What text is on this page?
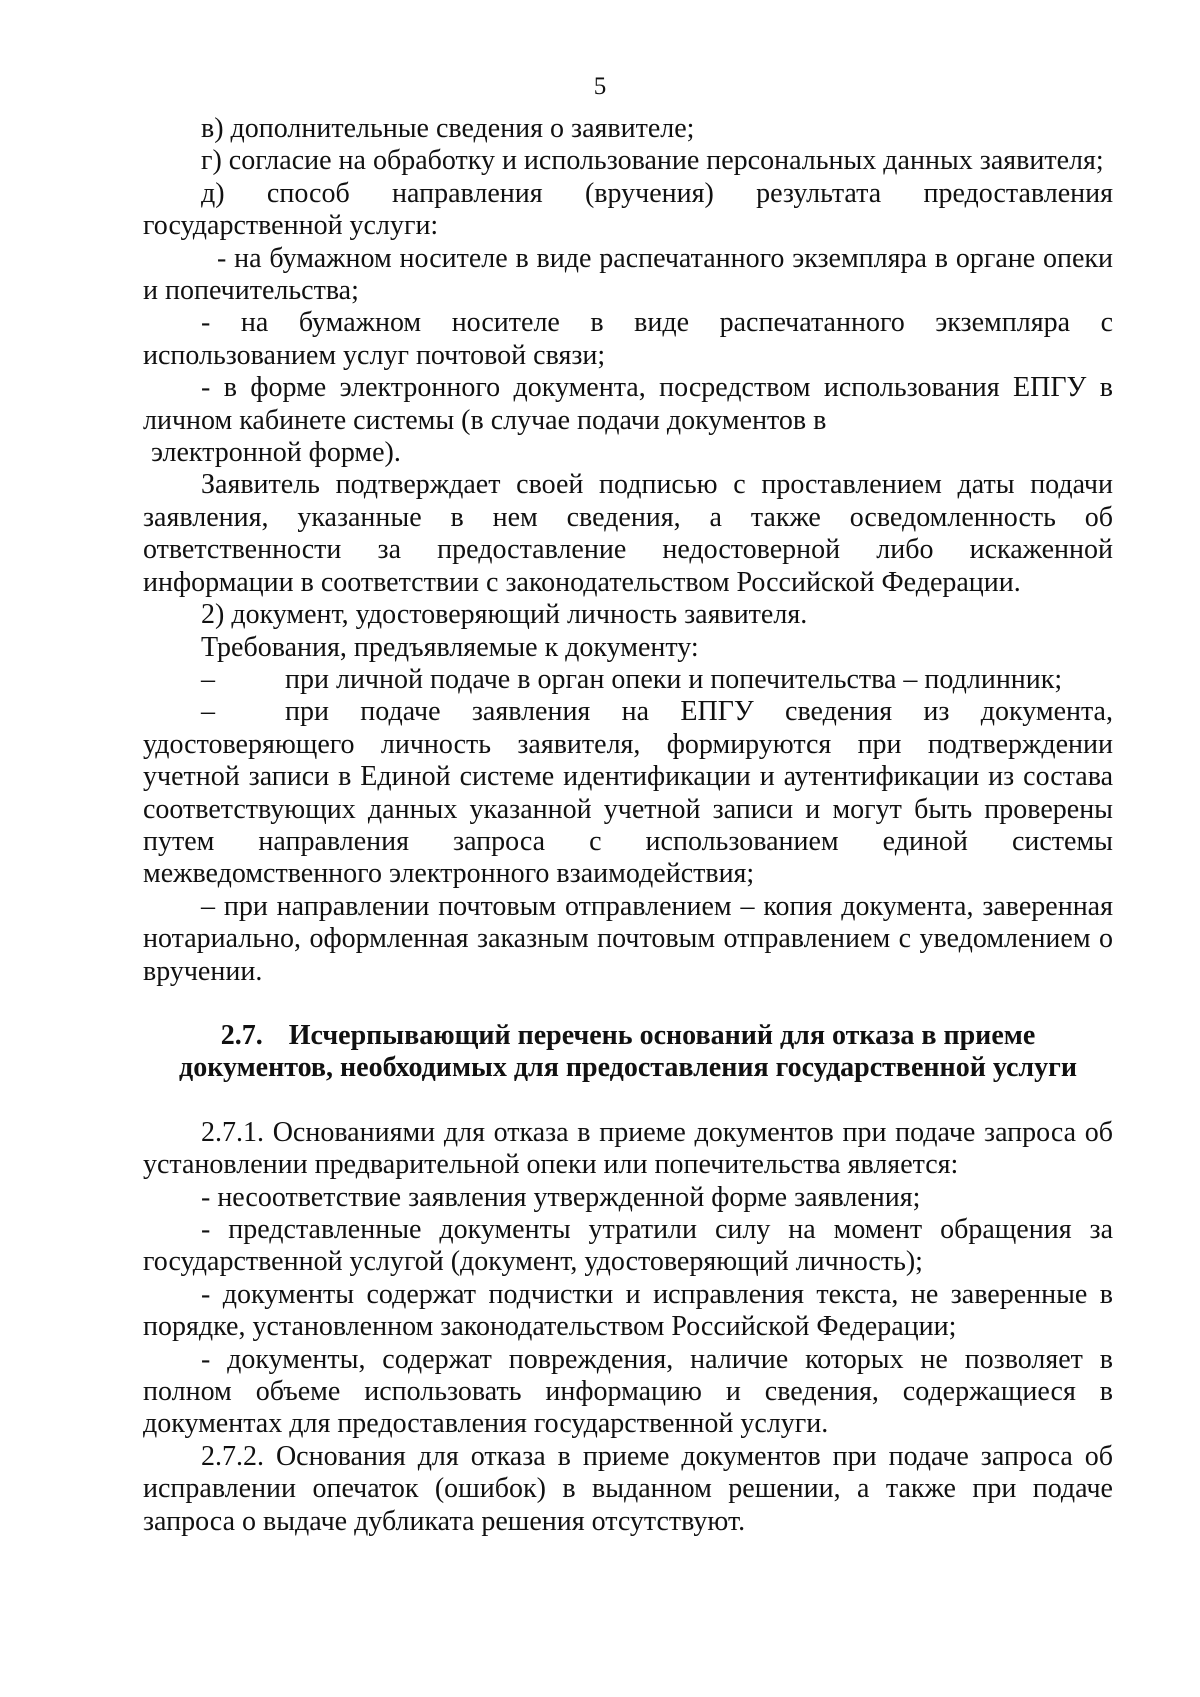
5

в) дополнительные сведения о заявителе;

г) согласие на обработку и использование персональных данных заявителя;

д) способ направления (вручения) результата предоставления государственной услуги:

- на бумажном носителе в виде распечатанного экземпляра в органе опеки и попечительства;

- на бумажном носителе в виде распечатанного экземпляра с использованием услуг почтовой связи;

- в форме электронного документа, посредством использования ЕПГУ в личном кабинете системы (в случае подачи документов в

электронной форме).

Заявитель подтверждает своей подписью с проставлением даты подачи заявления, указанные в нем сведения, а также осведомленность об ответственности за предоставление недостоверной либо искаженной информации в соответствии с законодательством Российской Федерации.

2) документ, удостоверяющий личность заявителя.

Требования, предъявляемые к документу:

–	при личной подаче в орган опеки и попечительства – подлинник;

–	при подаче заявления на ЕПГУ сведения из документа, удостоверяющего личность заявителя, формируются при подтверждении учетной записи в Единой системе идентификации и аутентификации из состава соответствующих данных указанной учетной записи и могут быть проверены путем направления запроса с использованием единой системы межведомственного электронного взаимодействия;

– при направлении почтовым отправлением – копия документа, заверенная нотариально, оформленная заказным почтовым отправлением с уведомлением о вручении.

2.7. Исчерпывающий перечень оснований для отказа в приеме документов, необходимых для предоставления государственной услуги

2.7.1. Основаниями для отказа в приеме документов при подаче запроса об установлении предварительной опеки или попечительства является:

- несоответствие заявления утвержденной форме заявления;

- представленные документы утратили силу на момент обращения за государственной услугой (документ, удостоверяющий личность);

- документы содержат подчистки и исправления текста, не заверенные в порядке, установленном законодательством Российской Федерации;

- документы, содержат повреждения, наличие которых не позволяет в полном объеме использовать информацию и сведения, содержащиеся в документах для предоставления государственной услуги.

2.7.2. Основания для отказа в приеме документов при подаче запроса об исправлении опечаток (ошибок) в выданном решении, а также при подаче запроса о выдаче дубликата решения отсутствуют.
